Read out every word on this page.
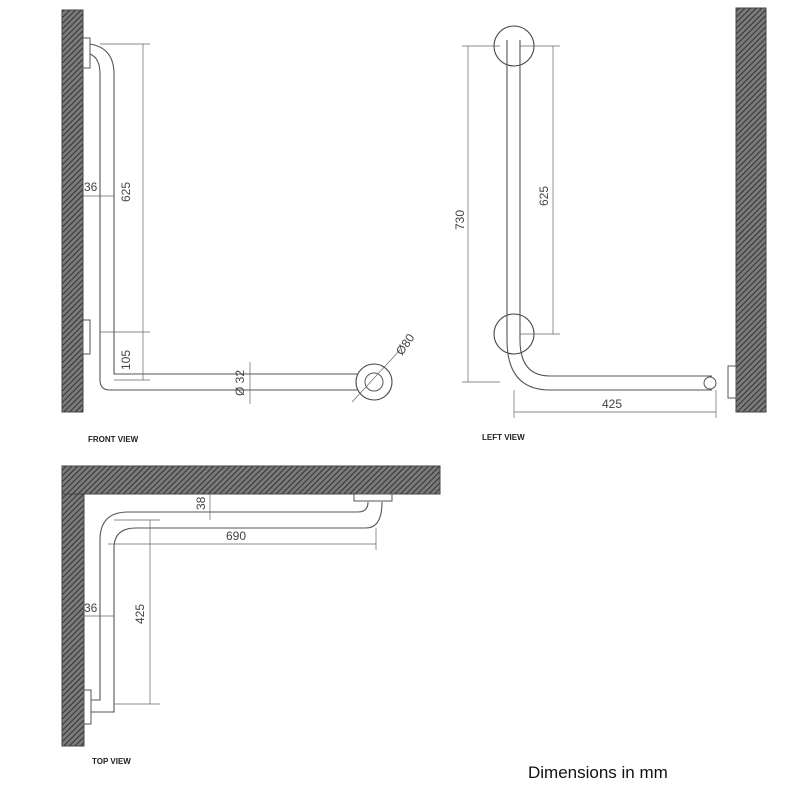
625
36
105
Ø 32
Ø80
FRONT VIEW
730
625
425
LEFT VIEW
38
690
36	425
TOP VIEW
Dimensions in mm
